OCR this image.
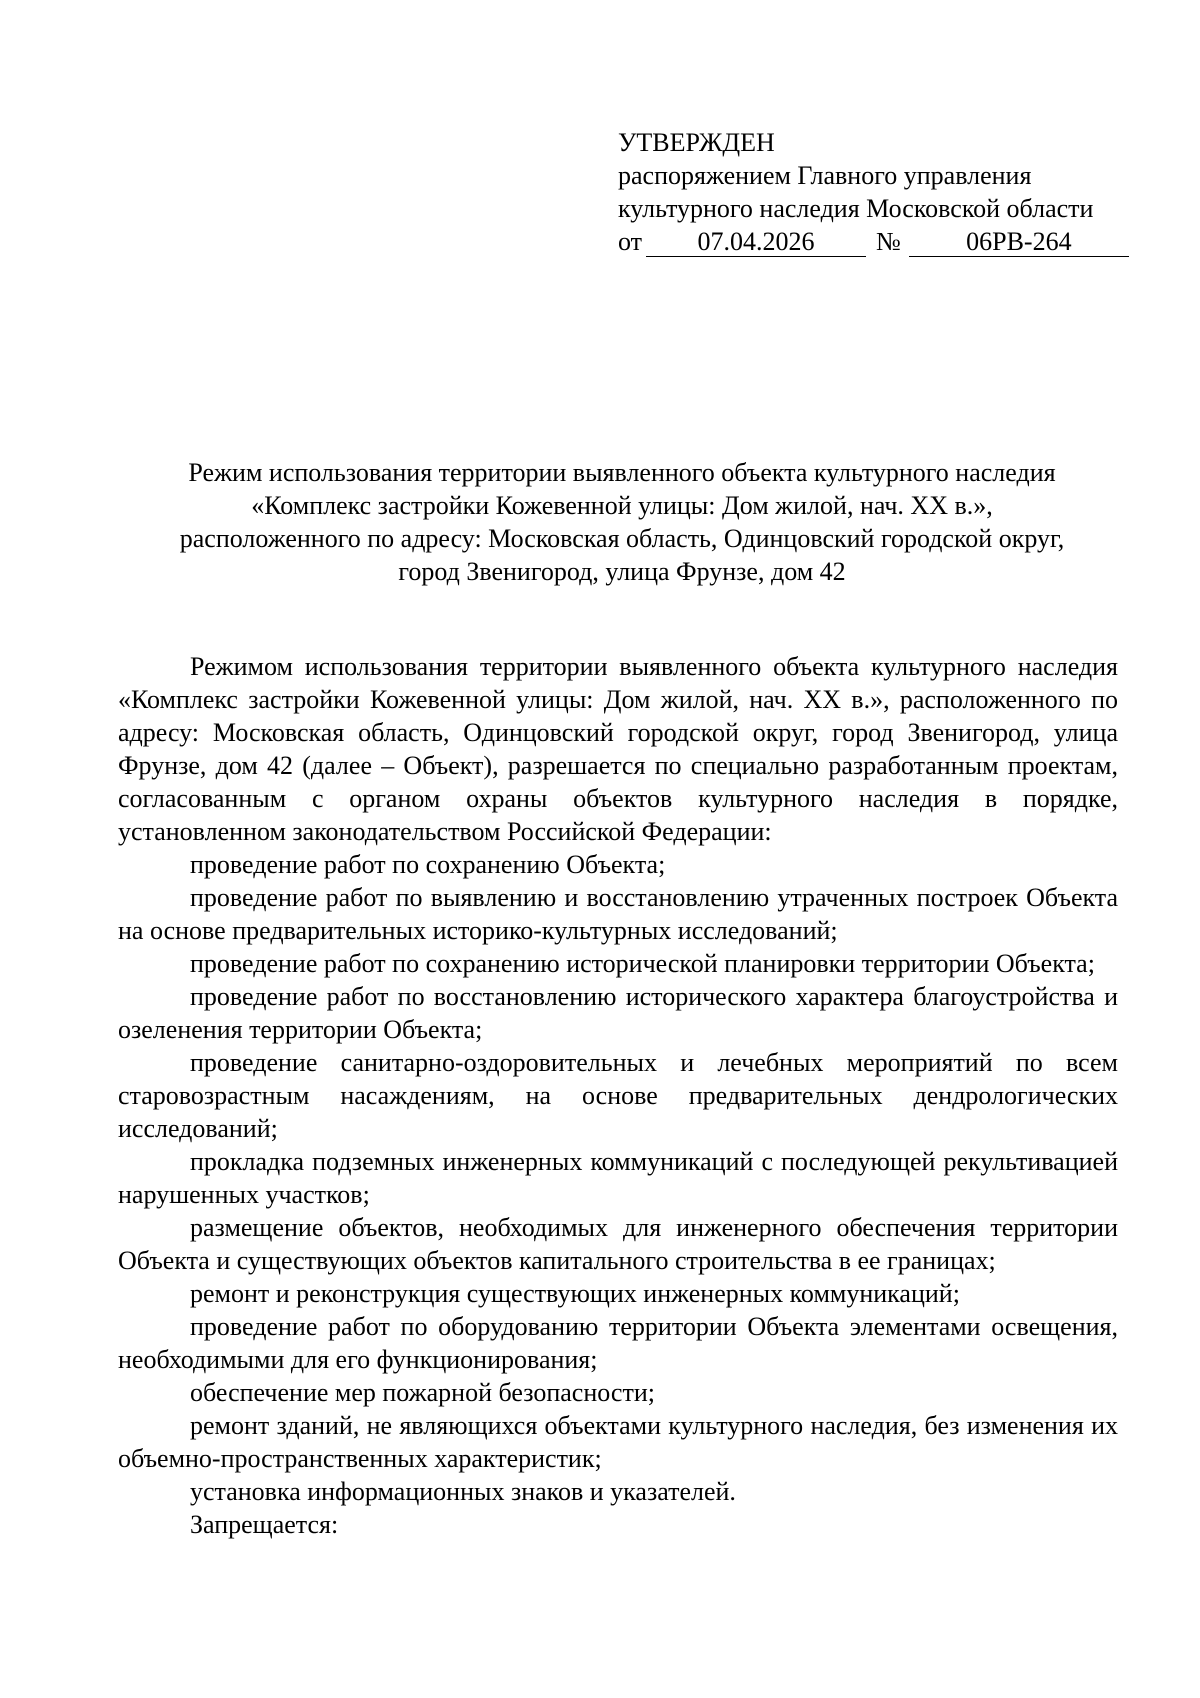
УТВЕРЖДЕН
распоряжением Главного управления
культурного наследия Московской области
от	07.04.2026	№	06РВ-264
Режим использования территории выявленного объекта культурного наследия
«Комплекс застройки Кожевенной улицы: Дом жилой, нач. XX в.»,
расположенного по адресу: Московская область, Одинцовский городской округ,
город Звенигород, улица Фрунзе, дом 42

Режимом использования территории выявленного объекта культурного наследия «Комплекс застройки Кожевенной улицы: Дом жилой, нач. XX в.», расположенного по адресу: Московская область, Одинцовский городской округ, город Звенигород, улица Фрунзе, дом 42 (далее – Объект), разрешается по специально разработанным проектам, согласованным с органом охраны объектов культурного наследия в порядке, установленном законодательством Российской Федерации:

проведение работ по сохранению Объекта;

проведение работ по выявлению и восстановлению утраченных построек Объекта на основе предварительных историко-культурных исследований;

проведение работ по сохранению исторической планировки территории Объекта;

проведение работ по восстановлению исторического характера благоустройства и озеленения территории Объекта;

проведение санитарно-оздоровительных и лечебных мероприятий по всем старовозрастным насаждениям, на основе предварительных дендрологических исследований;

прокладка подземных инженерных коммуникаций с последующей рекультивацией нарушенных участков;

размещение объектов, необходимых для инженерного обеспечения территории Объекта и существующих объектов капитального строительства в ее границах;

ремонт и реконструкция существующих инженерных коммуникаций;

проведение работ по оборудованию территории Объекта элементами освещения, необходимыми для его функционирования;

обеспечение мер пожарной безопасности;

ремонт зданий, не являющихся объектами культурного наследия, без изменения их объемно-пространственных характеристик;

установка информационных знаков и указателей.

Запрещается:
